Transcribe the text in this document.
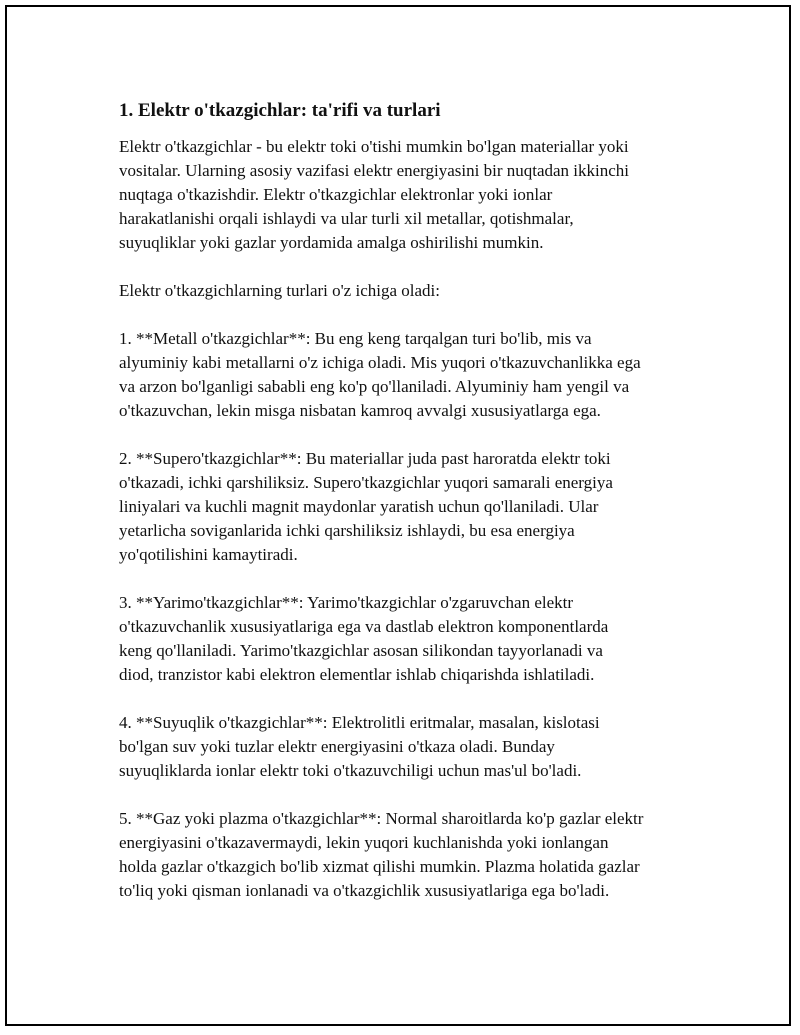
1. Elektr o'tkazgichlar: ta'rifi va turlari

Elektr o'tkazgichlar - bu elektr toki o'tishi mumkin bo'lgan materiallar yoki
vositalar. Ularning asosiy vazifasi elektr energiyasini bir nuqtadan ikkinchi
nuqtaga o'tkazishdir. Elektr o'tkazgichlar elektronlar yoki ionlar
harakatlanishi orqali ishlaydi va ular turli xil metallar, qotishmalar,
suyuqliklar yoki gazlar yordamida amalga oshirilishi mumkin.

Elektr o'tkazgichlarning turlari o'z ichiga oladi:

1. **Metall o'tkazgichlar**: Bu eng keng tarqalgan turi bo'lib, mis va
alyuminiy kabi metallarni o'z ichiga oladi. Mis yuqori o'tkazuvchanlikka ega
va arzon bo'lganligi sababli eng ko'p qo'llaniladi. Alyuminiy ham yengil va
o'tkazuvchan, lekin misga nisbatan kamroq avvalgi xususiyatlarga ega.

2. **Supero'tkazgichlar**: Bu materiallar juda past haroratda elektr toki
o'tkazadi, ichki qarshiliksiz. Supero'tkazgichlar yuqori samarali energiya
liniyalari va kuchli magnit maydonlar yaratish uchun qo'llaniladi. Ular
yetarlicha soviganlarida ichki qarshiliksiz ishlaydi, bu esa energiya
yo'qotilishini kamaytiradi.

3. **Yarimo'tkazgichlar**: Yarimo'tkazgichlar o'zgaruvchan elektr
o'tkazuvchanlik xususiyatlariga ega va dastlab elektron komponentlarda
keng qo'llaniladi. Yarimo'tkazgichlar asosan silikondan tayyorlanadi va
diod, tranzistor kabi elektron elementlar ishlab chiqarishda ishlatiladi.

4. **Suyuqlik o'tkazgichlar**: Elektrolitli eritmalar, masalan, kislotasi
bo'lgan suv yoki tuzlar elektr energiyasini o'tkaza oladi. Bunday
suyuqliklarda ionlar elektr toki o'tkazuvchiligi uchun mas'ul bo'ladi.

5. **Gaz yoki plazma o'tkazgichlar**: Normal sharoitlarda ko'p gazlar elektr
energiyasini o'tkazavermaydi, lekin yuqori kuchlanishda yoki ionlangan
holda gazlar o'tkazgich bo'lib xizmat qilishi mumkin. Plazma holatida gazlar
to'liq yoki qisman ionlanadi va o'tkazgichlik xususiyatlariga ega bo'ladi.
